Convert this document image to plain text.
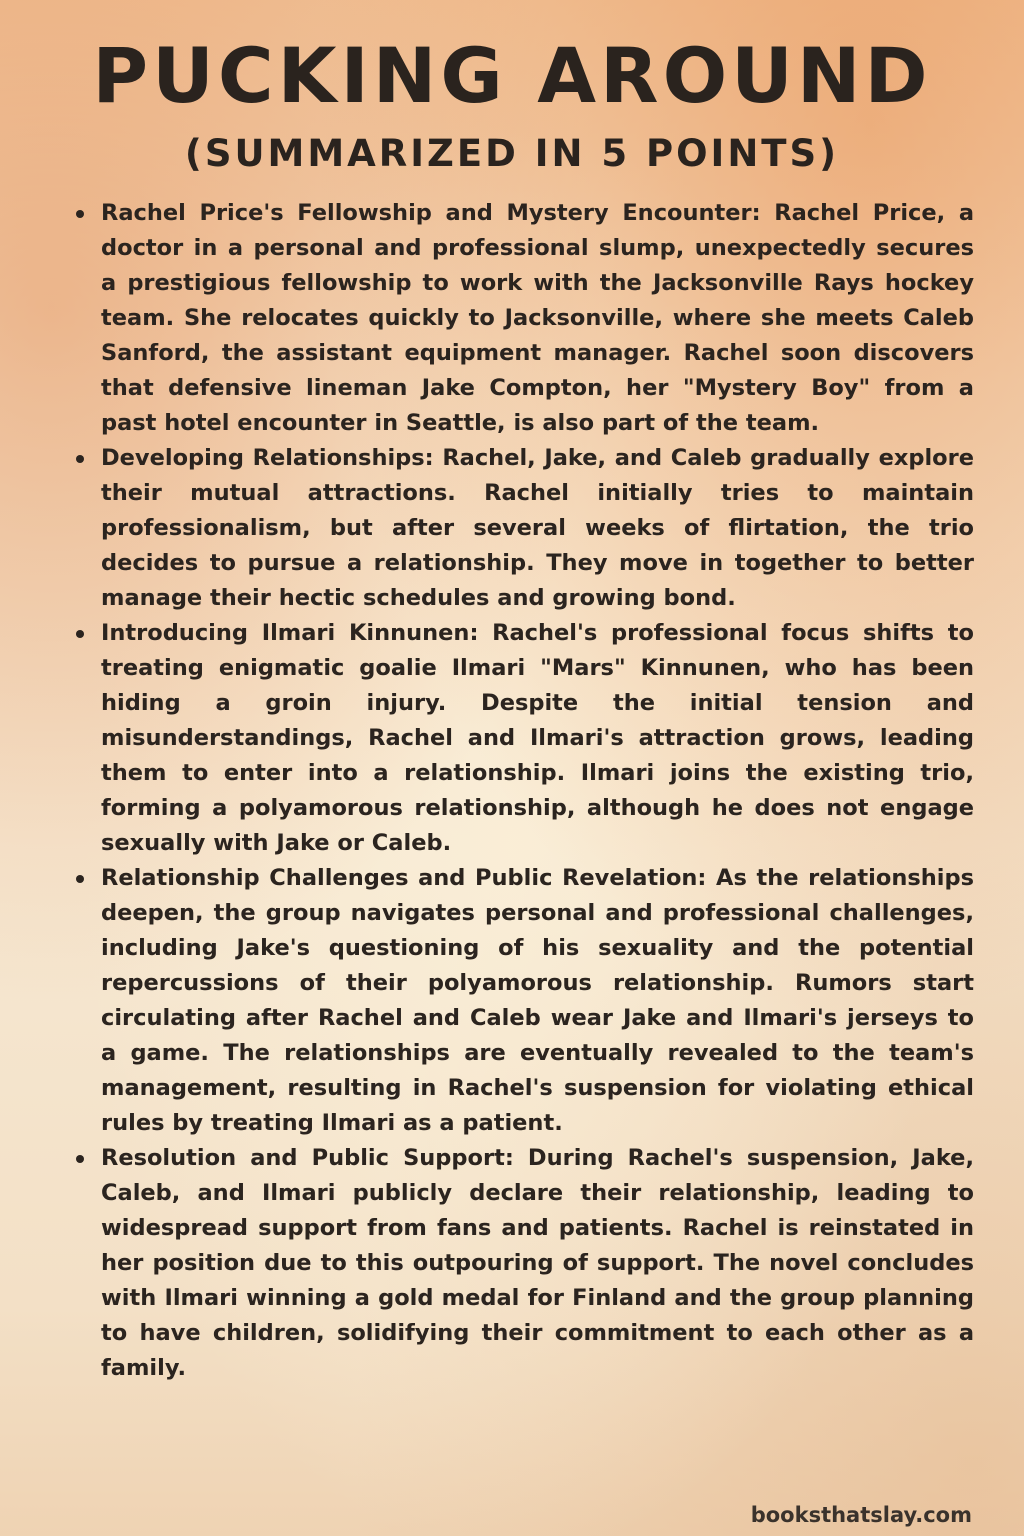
PUCKING AROUND
(SUMMARIZED IN 5 POINTS)
Rachel Price's Fellowship and Mystery Encounter: Rachel Price, a doctor in a personal and professional slump, unexpectedly secures a prestigious fellowship to work with the Jacksonville Rays hockey team. She relocates quickly to Jacksonville, where she meets Caleb Sanford, the assistant equipment manager. Rachel soon discovers that defensive lineman Jake Compton, her "Mystery Boy" from a past hotel encounter in Seattle, is also part of the team.
Developing Relationships: Rachel, Jake, and Caleb gradually explore their mutual attractions. Rachel initially tries to maintain professionalism, but after several weeks of flirtation, the trio decides to pursue a relationship. They move in together to better manage their hectic schedules and growing bond.
Introducing Ilmari Kinnunen: Rachel's professional focus shifts to treating enigmatic goalie Ilmari "Mars" Kinnunen, who has been hiding a groin injury. Despite the initial tension and misunderstandings, Rachel and Ilmari's attraction grows, leading them to enter into a relationship. Ilmari joins the existing trio, forming a polyamorous relationship, although he does not engage sexually with Jake or Caleb.
Relationship Challenges and Public Revelation: As the relationships deepen, the group navigates personal and professional challenges, including Jake's questioning of his sexuality and the potential repercussions of their polyamorous relationship. Rumors start circulating after Rachel and Caleb wear Jake and Ilmari's jerseys to a game. The relationships are eventually revealed to the team's management, resulting in Rachel's suspension for violating ethical rules by treating Ilmari as a patient.
Resolution and Public Support: During Rachel's suspension, Jake, Caleb, and Ilmari publicly declare their relationship, leading to widespread support from fans and patients. Rachel is reinstated in her position due to this outpouring of support. The novel concludes with Ilmari winning a gold medal for Finland and the group planning to have children, solidifying their commitment to each other as a family.
booksthatslay.com
